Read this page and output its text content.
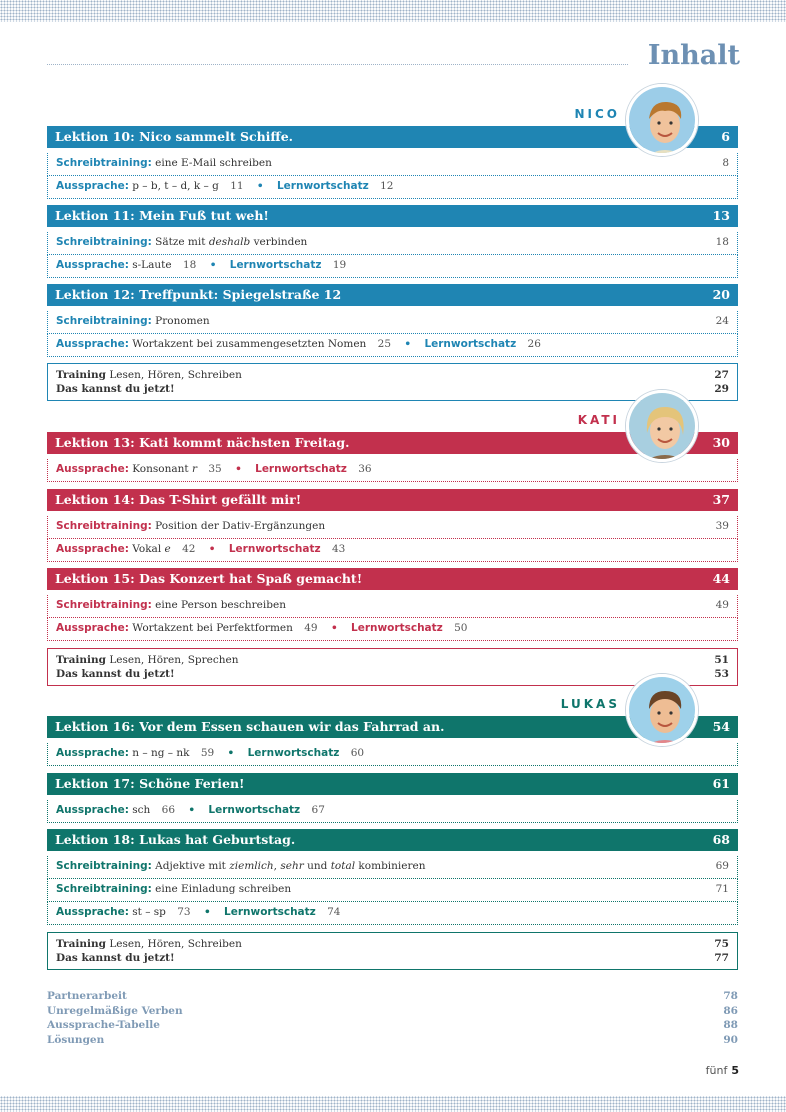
Inhalt
NICO
Lektion 10: Nico sammelt Schiffe.	6
Schreibtraining: eine E-Mail schreiben	8
Aussprache: p – b, t – d, k – g 11 • Lernwortschatz 12
Lektion 11: Mein Fuß tut weh!	13
Schreibtraining: Sätze mit deshalb verbinden	18
Aussprache: s-Laute 18 • Lernwortschatz 19
Lektion 12: Treffpunkt: Spiegelstraße 12	20
Schreibtraining: Pronomen	24
Aussprache: Wortakzent bei zusammengesetzten Nomen 25 • Lernwortschatz 26
Training Lesen, Hören, Schreiben	27
Das kannst du jetzt!	29
KATI
Lektion 13: Kati kommt nächsten Freitag.	30
Aussprache: Konsonant r 35 • Lernwortschatz 36
Lektion 14: Das T-Shirt gefällt mir!	37
Schreibtraining: Position der Dativ-Ergänzungen	39
Aussprache: Vokal e 42 • Lernwortschatz 43
Lektion 15: Das Konzert hat Spaß gemacht!	44
Schreibtraining: eine Person beschreiben	49
Aussprache: Wortakzent bei Perfektformen 49 • Lernwortschatz 50
Training Lesen, Hören, Sprechen	51
Das kannst du jetzt!	53
LUKAS
Lektion 16: Vor dem Essen schauen wir das Fahrrad an.	54
Aussprache: n – ng – nk 59 • Lernwortschatz 60
Lektion 17: Schöne Ferien!	61
Aussprache: sch 66 • Lernwortschatz 67
Lektion 18: Lukas hat Geburtstag.	68
Schreibtraining: Adjektive mit ziemlich, sehr und total kombinieren	69
Schreibtraining: eine Einladung schreiben	71
Aussprache: st – sp 73 • Lernwortschatz 74
Training Lesen, Hören, Schreiben	75
Das kannst du jetzt!	77
Partnerarbeit	78
Unregelmäßige Verben	86
Aussprache-Tabelle	88
Lösungen	90
fünf 5
